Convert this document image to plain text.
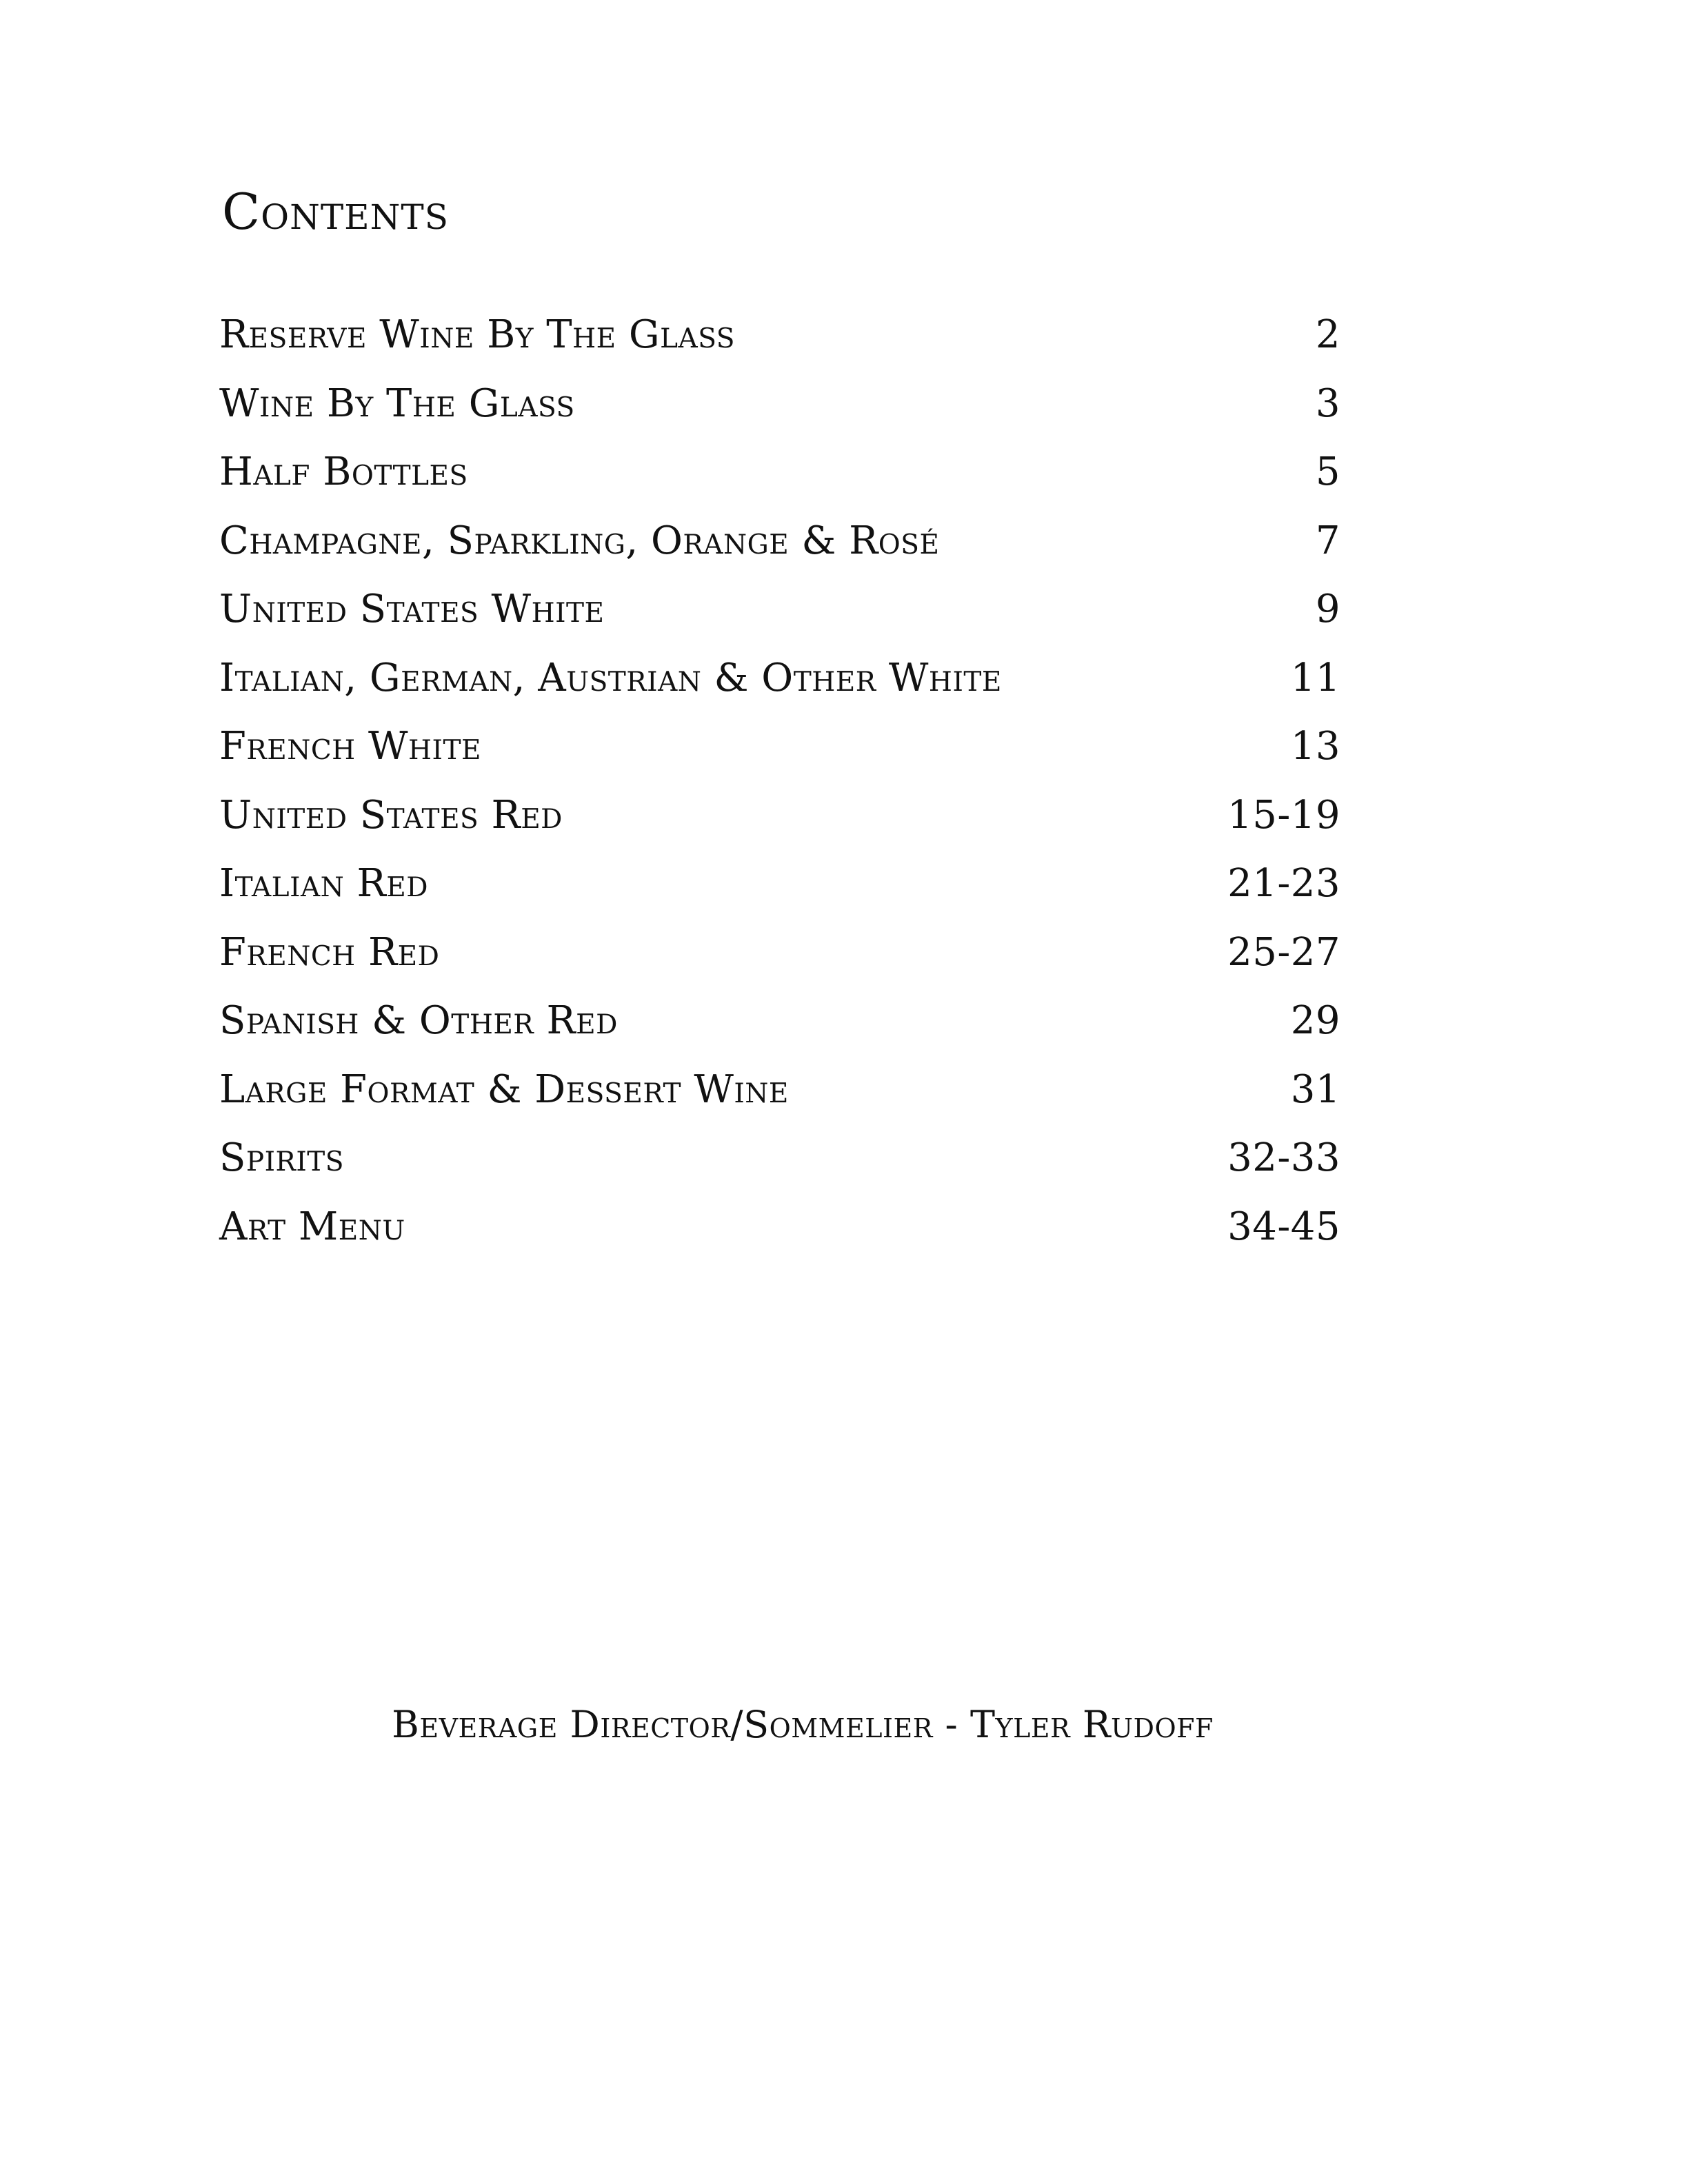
Contents
Reserve Wine By The Glass	2
Wine By The Glass	3
Half Bottles	5
Champagne, Sparkling, Orange & Rosé	7
United States White	9
Italian, German, Austrian & Other White	11
French White	13
United States Red	15-19
Italian Red	21-23
French Red	25-27
Spanish & Other Red	29
Large Format & Dessert Wine	31
Spirits	32-33
Art Menu	34-45

Beverage Director/Sommelier - Tyler Rudoff
